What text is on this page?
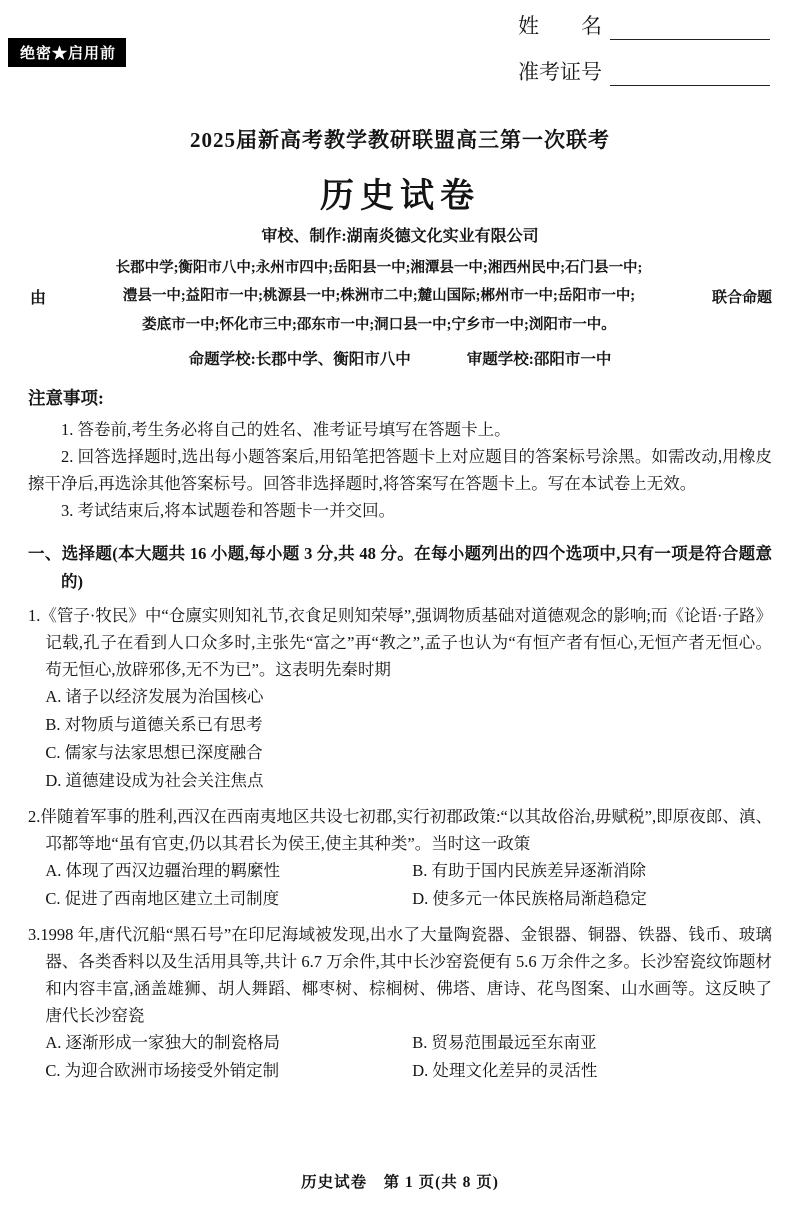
绝密★启用前
姓　　名
准考证号
2025届新高考教学教研联盟高三第一次联考
历史试卷
审校、制作:湖南炎德文化实业有限公司
由
长郡中学;衡阳市八中;永州市四中;岳阳县一中;湘潭县一中;湘西州民中;石门县一中;
澧县一中;益阳市一中;桃源县一中;株洲市二中;麓山国际;郴州市一中;岳阳市一中;
娄底市一中;怀化市三中;邵东市一中;洞口县一中;宁乡市一中;浏阳市一中。
联合命题
命题学校:长郡中学、衡阳市八中	审题学校:邵阳市一中
注意事项:

1. 答卷前,考生务必将自己的姓名、准考证号填写在答题卡上。

2. 回答选择题时,选出每小题答案后,用铅笔把答题卡上对应题目的答案标号涂黑。如需改动,用橡皮擦干净后,再选涂其他答案标号。回答非选择题时,将答案写在答题卡上。写在本试卷上无效。

3. 考试结束后,将本试题卷和答题卡一并交回。

一、选择题(本大题共 16 小题,每小题 3 分,共 48 分。在每小题列出的四个选项中,只有一项是符合题意的)

1.《管子·牧民》中“仓廪实则知礼节,衣食足则知荣辱”,强调物质基础对道德观念的影响;而《论语·子路》记载,孔子在看到人口众多时,主张先“富之”再“教之”,孟子也认为“有恒产者有恒心,无恒产者无恒心。苟无恒心,放辟邪侈,无不为已”。这表明先秦时期

A. 诸子以经济发展为治国核心
B. 对物质与道德关系已有思考
C. 儒家与法家思想已深度融合
D. 道德建设成为社会关注焦点

2.伴随着军事的胜利,西汉在西南夷地区共设七初郡,实行初郡政策:“以其故俗治,毋赋税”,即原夜郎、滇、邛都等地“虽有官吏,仍以其君长为侯王,使主其种类”。当时这一政策

A. 体现了西汉边疆治理的羁縻性	B. 有助于国内民族差异逐渐消除
C. 促进了西南地区建立土司制度	D. 使多元一体民族格局渐趋稳定

3.1998 年,唐代沉船“黑石号”在印尼海域被发现,出水了大量陶瓷器、金银器、铜器、铁器、钱币、玻璃器、各类香料以及生活用具等,共计 6.7 万余件,其中长沙窑瓷便有 5.6 万余件之多。长沙窑瓷纹饰题材和内容丰富,涵盖雄狮、胡人舞蹈、椰枣树、棕榈树、佛塔、唐诗、花鸟图案、山水画等。这反映了唐代长沙窑瓷

A. 逐渐形成一家独大的制瓷格局	B. 贸易范围最远至东南亚
C. 为迎合欧洲市场接受外销定制	D. 处理文化差异的灵活性
历史试卷　第 1 页(共 8 页)
